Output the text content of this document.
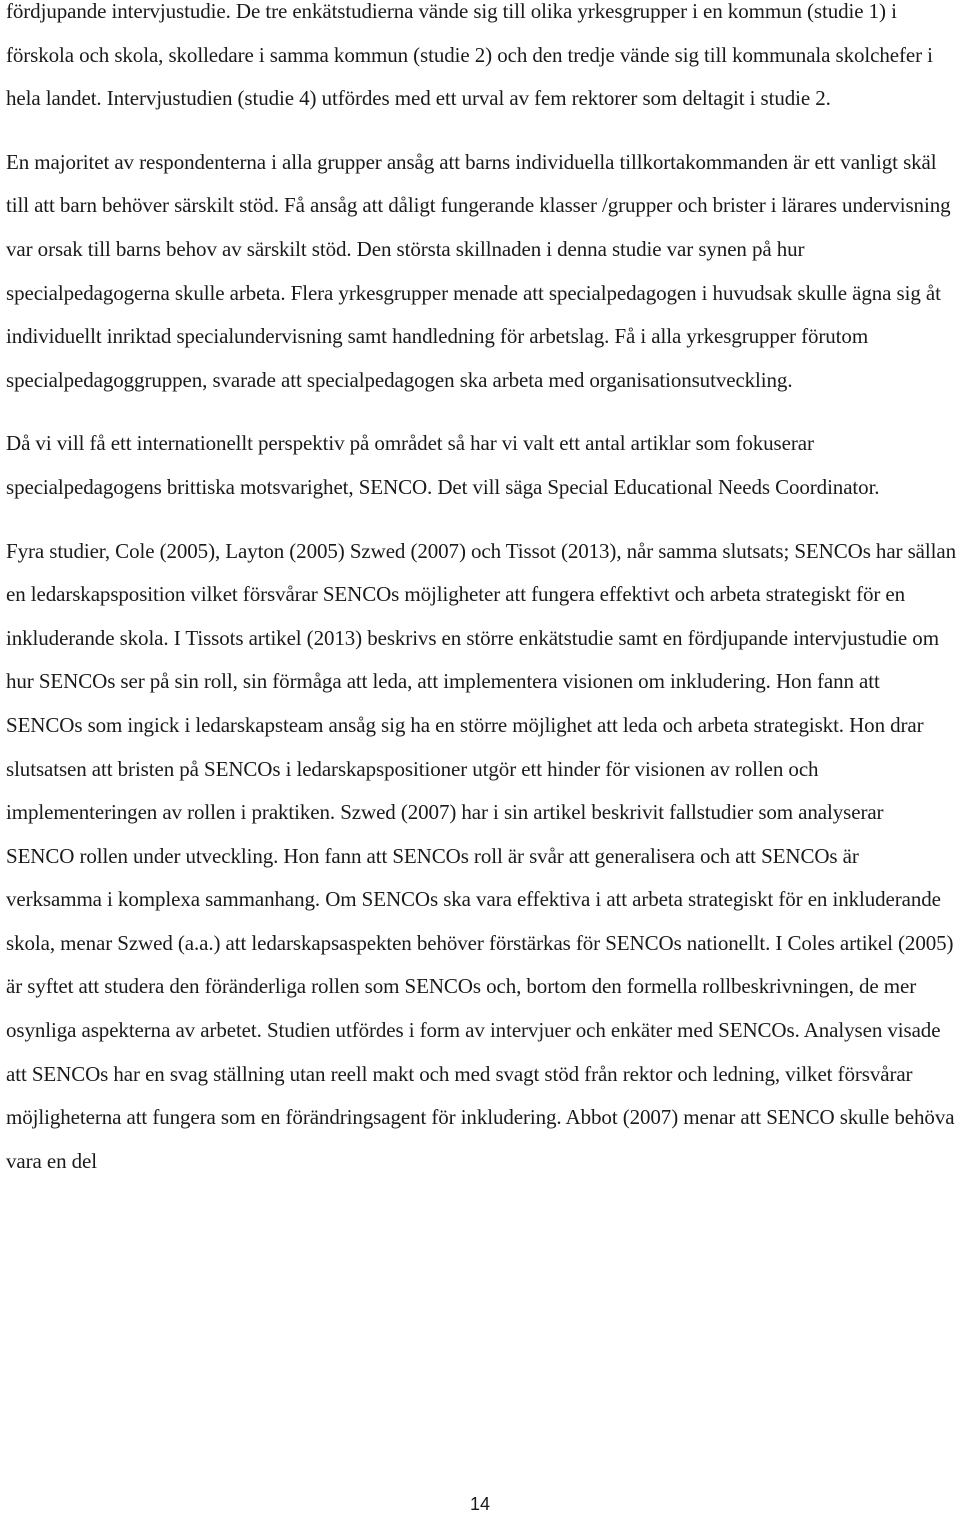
fördjupande intervjustudie. De tre enkätstudierna vände sig till olika yrkesgrupper i en kommun (studie 1) i förskola och skola, skolledare i samma kommun (studie 2) och den tredje vände sig till kommunala skolchefer i hela landet. Intervjustudien (studie 4) utfördes med ett urval av fem rektorer som deltagit i studie 2.

En majoritet av respondenterna i alla grupper ansåg att barns individuella tillkortakommanden är ett vanligt skäl till att barn behöver särskilt stöd. Få ansåg att dåligt fungerande klasser /grupper och brister i lärares undervisning var orsak till barns behov av särskilt stöd. Den största skillnaden i denna studie var synen på hur specialpedagogerna skulle arbeta. Flera yrkesgrupper menade att specialpedagogen i huvudsak skulle ägna sig åt individuellt inriktad specialundervisning samt handledning för arbetslag. Få i alla yrkesgrupper förutom specialpedagoggruppen, svarade att specialpedagogen ska arbeta med organisationsutveckling.

Då vi vill få ett internationellt perspektiv på området så har vi valt ett antal artiklar som fokuserar specialpedagogens brittiska motsvarighet, SENCO. Det vill säga Special Educational Needs Coordinator.

Fyra studier, Cole (2005), Layton (2005) Szwed (2007) och Tissot (2013), når samma slutsats; SENCOs har sällan en ledarskapsposition vilket försvårar SENCOs möjligheter att fungera effektivt och arbeta strategiskt för en inkluderande skola. I Tissots artikel (2013) beskrivs en större enkätstudie samt en fördjupande intervjustudie om hur SENCOs ser på sin roll, sin förmåga att leda, att implementera visionen om inkludering. Hon fann att SENCOs som ingick i ledarskapsteam ansåg sig ha en större möjlighet att leda och arbeta strategiskt. Hon drar slutsatsen att bristen på SENCOs i ledarskapspositioner utgör ett hinder för visionen av rollen och implementeringen av rollen i praktiken. Szwed (2007) har i sin artikel beskrivit fallstudier som analyserar SENCO rollen under utveckling. Hon fann att SENCOs roll är svår att generalisera och att SENCOs är verksamma i komplexa sammanhang. Om SENCOs ska vara effektiva i att arbeta strategiskt för en inkluderande skola, menar Szwed (a.a.) att ledarskapsaspekten behöver förstärkas för SENCOs nationellt. I Coles artikel (2005) är syftet att studera den föränderliga rollen som SENCOs och, bortom den formella rollbeskrivningen, de mer osynliga aspekterna av arbetet. Studien utfördes i form av intervjuer och enkäter med SENCOs. Analysen visade att SENCOs har en svag ställning utan reell makt och med svagt stöd från rektor och ledning, vilket försvårar möjligheterna att fungera som en förändringsagent för inkludering. Abbot (2007) menar att SENCO skulle behöva vara en del

14
